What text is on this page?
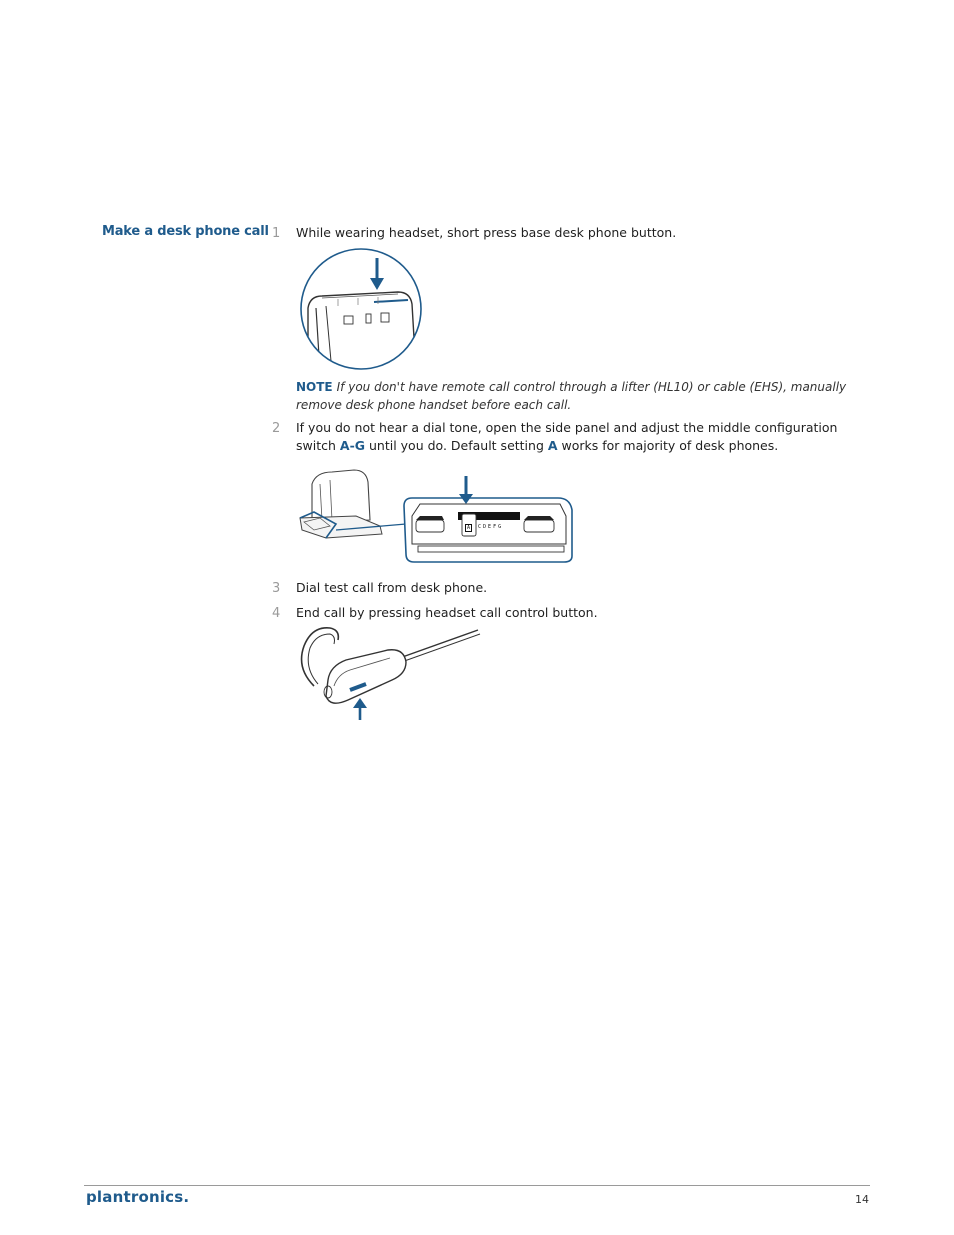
Make a desk phone call 1 While wearing headset, short press base desk phone button.
NOTE If you don't have remote call control through a lifter (HL10) or cable (EHS), manually remove desk phone handset before each call.
2 If you do not hear a dial tone, open the side panel and adjust the middle configuration switch A-G until you do. Default setting A works for majority of desk phones.
A	C D E F G
3 Dial test call from desk phone.
4 End call by pressing headset call control button.
plantronics.	14
